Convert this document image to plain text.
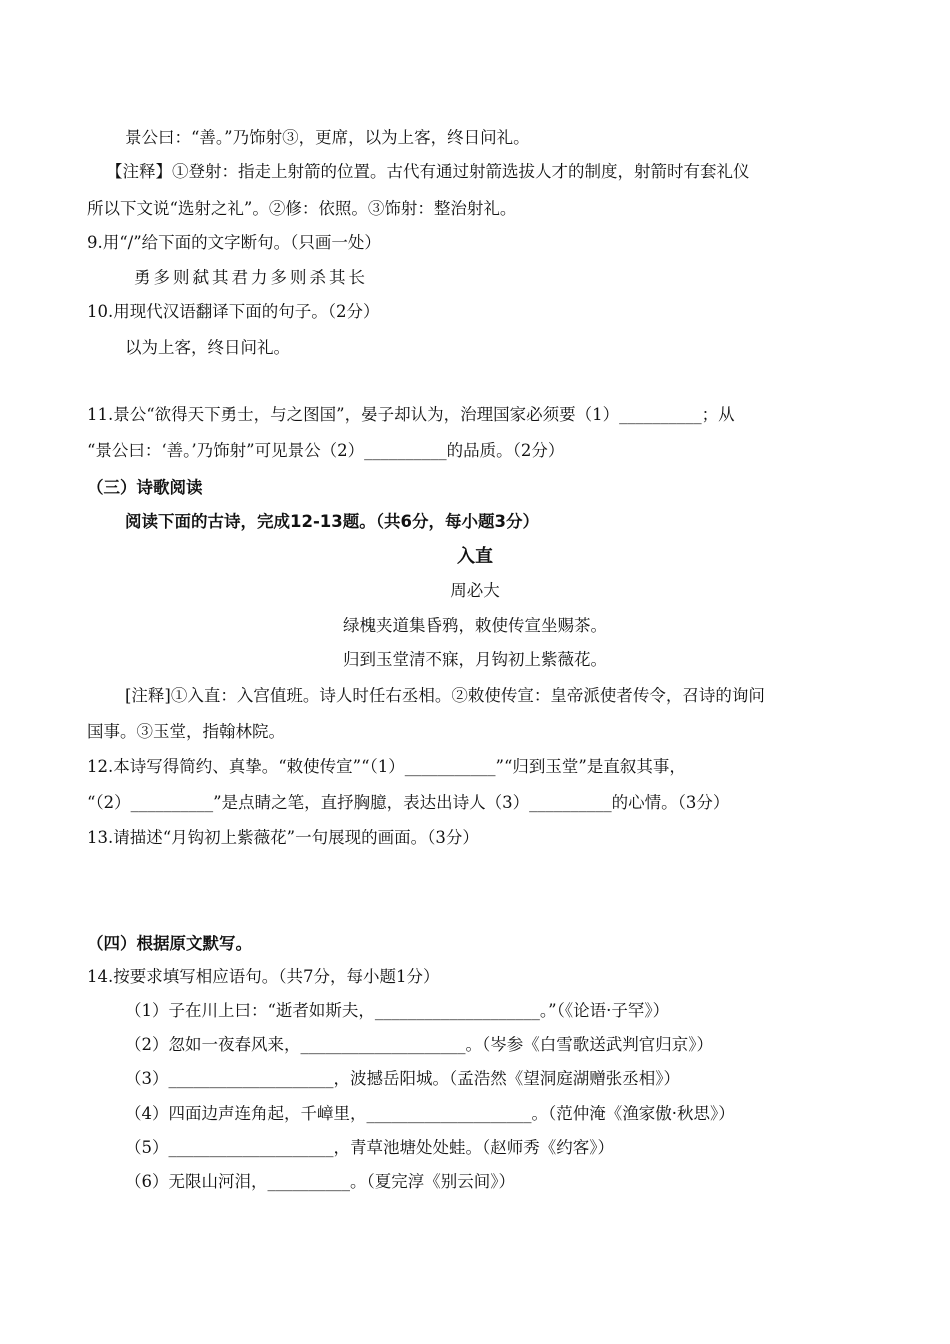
景公曰：“善。”乃饰射③，更席，以为上客，终日问礼。
【注释】①登射：指走上射箭的位置。古代有通过射箭选拔人才的制度，射箭时有套礼仪
所以下文说“选射之礼”。②修：依照。③饰射：整治射礼。
9.用“/”给下面的文字断句。（只画一处）
勇多则弑其君力多则杀其长
10.用现代汉语翻译下面的句子。（2分）
以为上客，终日问礼。
11.景公“欲得天下勇士，与之图国”，晏子却认为，治理国家必须要（1）__________；从
“景公曰：‘善。’乃饰射”可见景公（2）__________的品质。（2分）
（三）诗歌阅读
阅读下面的古诗，完成12-13题。（共6分，每小题3分）
入直
周必大
绿槐夹道集昏鸦，敕使传宣坐赐茶。
归到玉堂清不寐，月钩初上紫薇花。
[注释]①入直：入宫值班。诗人时任右丞相。②敕使传宣：皇帝派使者传令，召诗的询问
国事。③玉堂，指翰林院。
12.本诗写得简约、真挚。“敕使传宣”“（1）___________”“归到玉堂”是直叙其事，
“（2）__________”是点睛之笔，直抒胸臆，表达出诗人（3）__________的心情。（3分）
13.请描述“月钩初上紫薇花”一句展现的画面。（3分）
（四）根据原文默写。
14.按要求填写相应语句。（共7分，每小题1分）
（1）子在川上曰：“逝者如斯夫，____________________。”（《论语·子罕》）
（2）忽如一夜春风来，____________________。（岑参《白雪歌送武判官归京》）
（3）____________________，波撼岳阳城。（孟浩然《望洞庭湖赠张丞相》）
（4）四面边声连角起，千嶂里，____________________。（范仲淹《渔家傲·秋思》）
（5）____________________，青草池塘处处蛙。（赵师秀《约客》）
（6）无限山河泪，__________。（夏完淳《别云间》）
